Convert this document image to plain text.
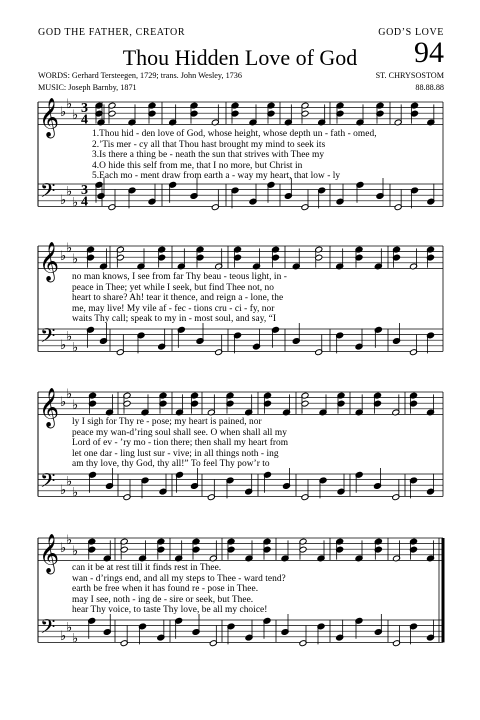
GOD THE FATHER, CREATOR	GOD’S LOVE
Thou Hidden Love of God	94
WORDS: Gerhard Tersteegen, 1729; trans. John Wesley, 1736
MUSIC: Joseph Barnby, 1871
ST. CHRYSOSTOM
88.88.88
𝄞 ♭
♭
♭ 3
4
𝄢 ♭
♭
♭
3
4
𝄞 ♭
♭
♭
𝄢 ♭
♭
♭
𝄞 ♭
♭
♭
𝄢 ♭
♭
♭
𝄞 ♭
♭
♭
𝄢 ♭
♭
♭
1.Thou hid - den love of God, whose height, whose depth un - fath - omed,
2.’Tis mer - cy all that Thou hast brought my mind to seek its
3.Is there a thing be - neath the sun that strives with Thee my
4.O hide this self from me, that I no more, but Christ in
5.Each mo - ment draw from earth a - way my heart, that low - ly
no man knows, I see from far Thy beau - teous light, in -
peace in Thee; yet while I seek, but find Thee not, no
heart to share? Ah! tear it thence, and reign a - lone, the
me, may live! My vile af - fec - tions cru - ci - fy, nor
waits Thy call; speak to my in - most soul, and say, “I
ly I sigh for Thy re - pose; my heart is pained, nor
peace my wan-d’ring soul shall see. O when shall all my
Lord of ev - ’ry mo - tion there; then shall my heart from
let one dar - ling lust sur - vive; in all things noth - ing
am thy love, thy God, thy all!” To feel Thy pow’r to
can it be at rest till it finds rest in Thee.
wan - d’rings end, and all my steps to Thee - ward tend?
earth be free when it has found re - pose in Thee.
may I see, noth - ing de - sire or seek, but Thee.
hear Thy voice, to taste Thy love, be all my choice!
